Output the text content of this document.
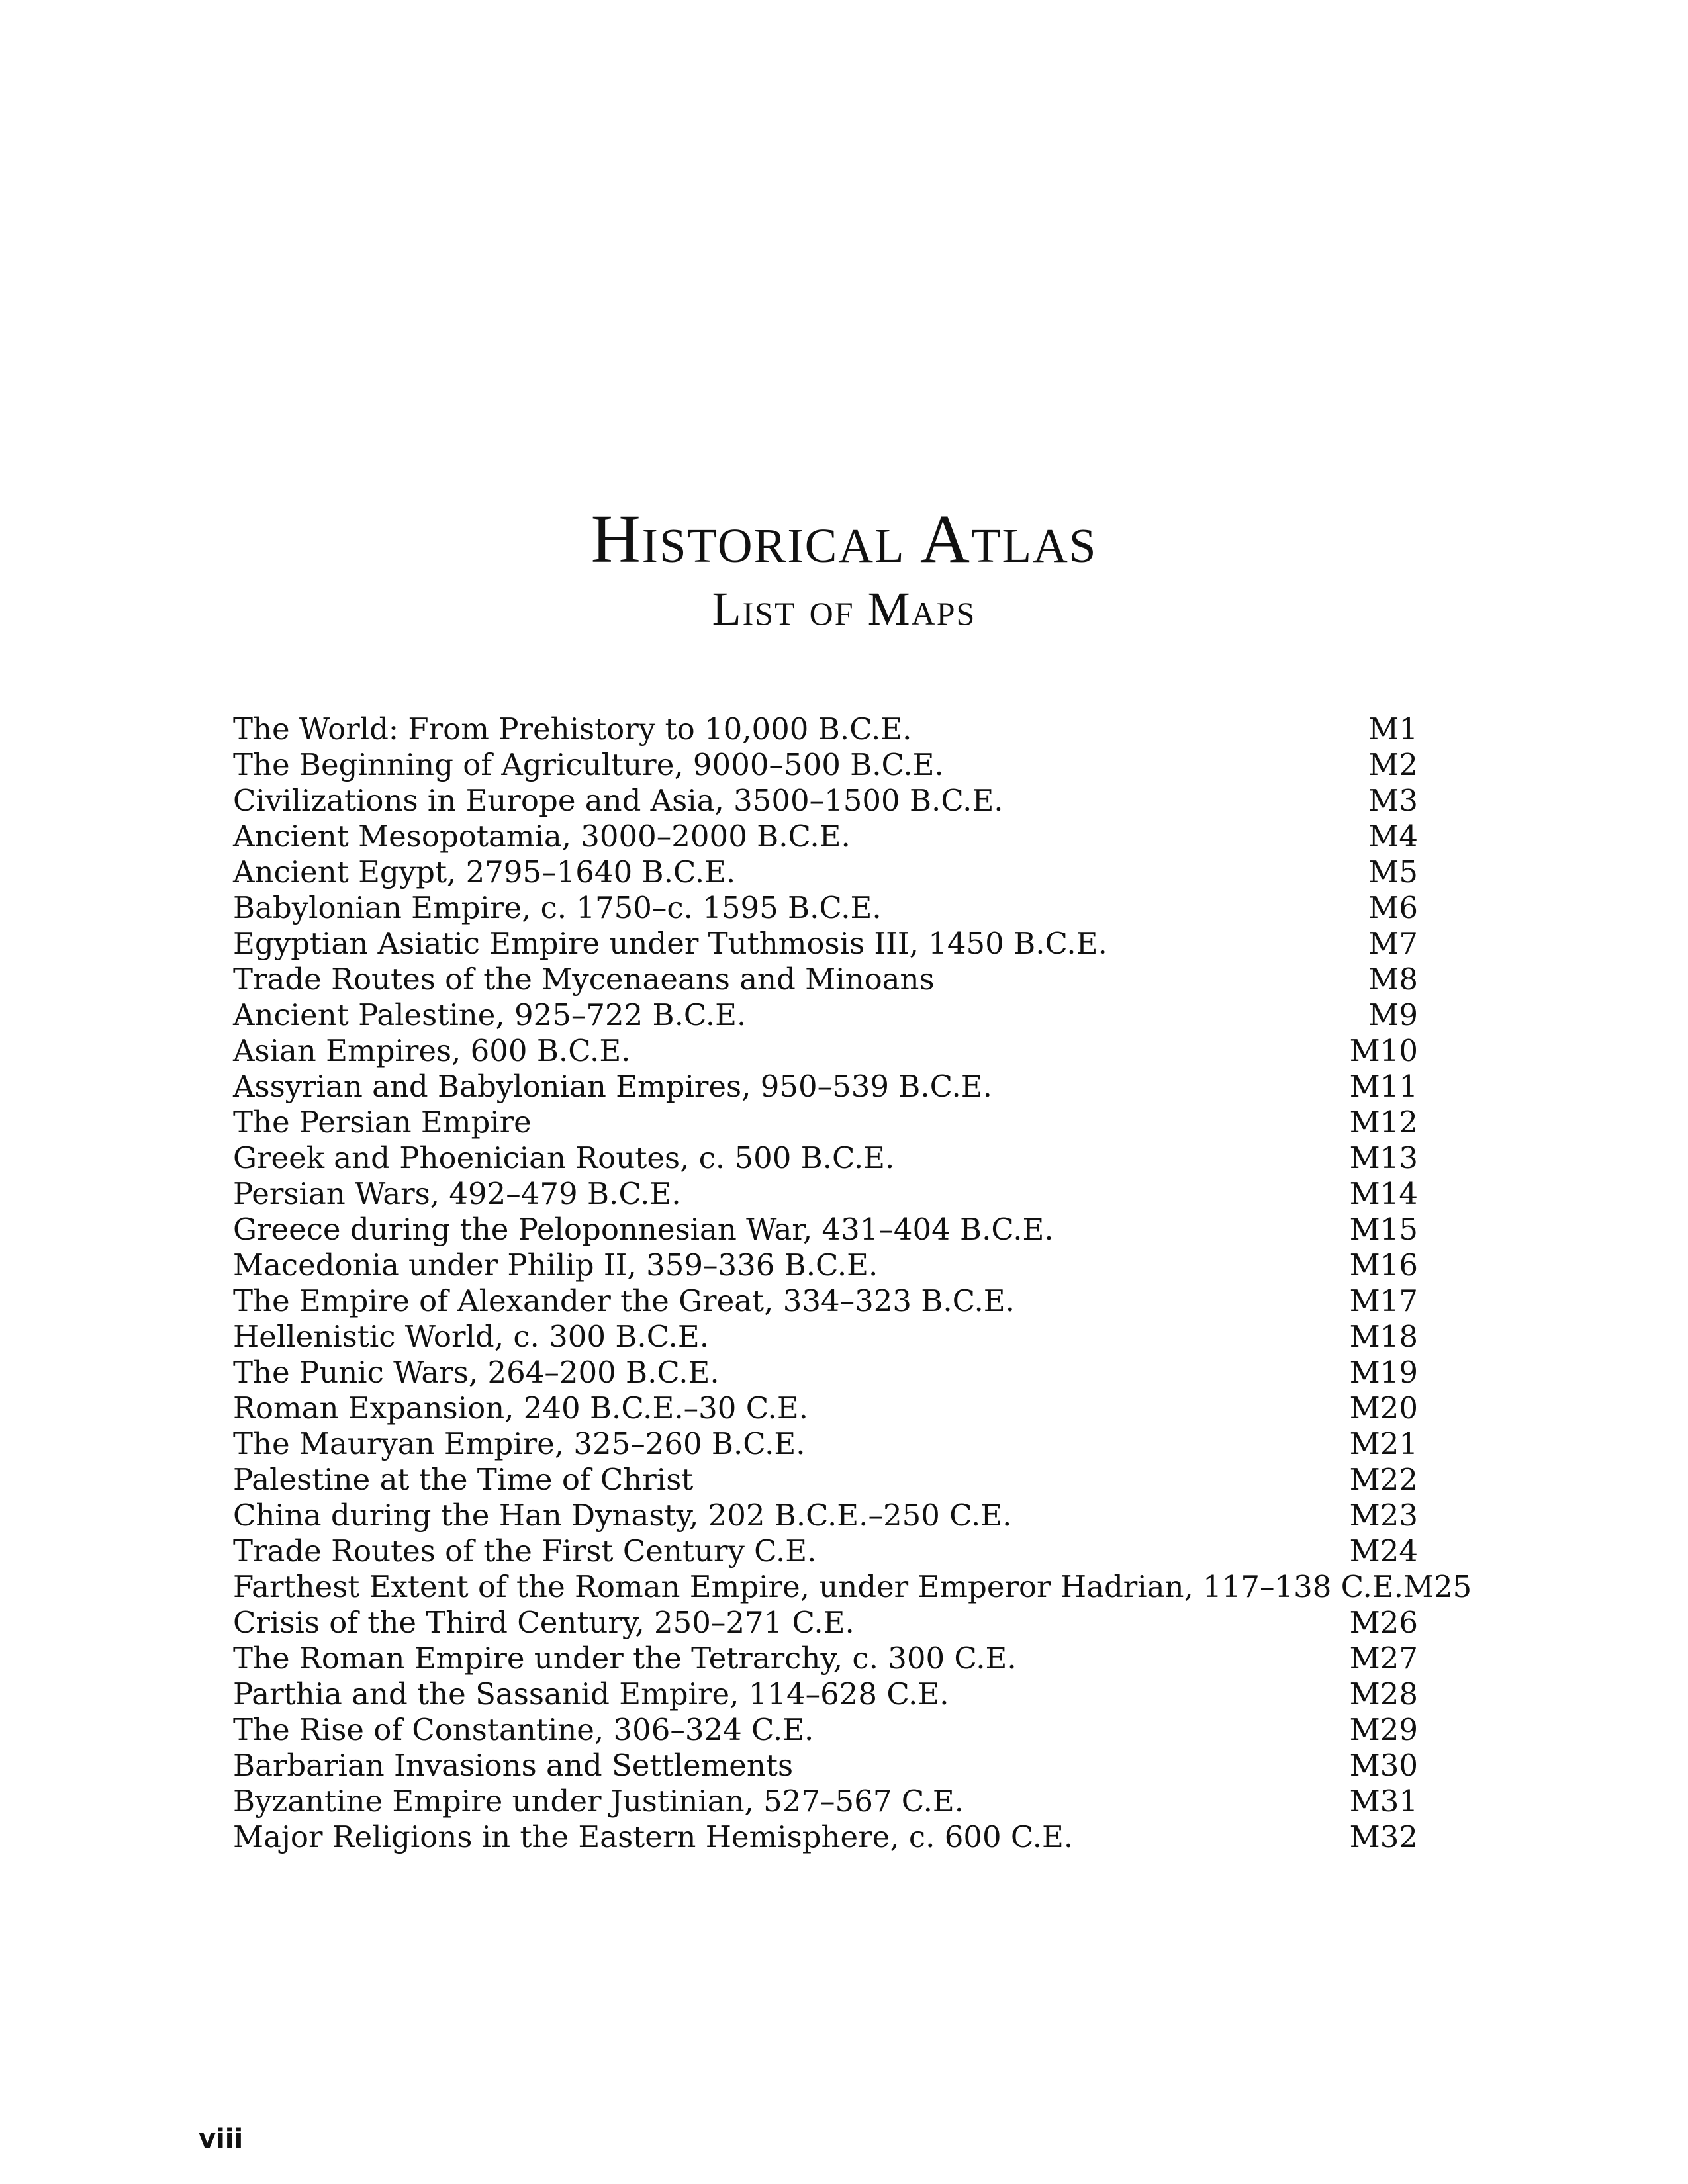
Historical Atlas
List of Maps
The World: From Prehistory to 10,000 B.C.E.	M1
The Beginning of Agriculture, 9000–500 B.C.E.	M2
Civilizations in Europe and Asia, 3500–1500 B.C.E.	M3
Ancient Mesopotamia, 3000–2000 B.C.E.	M4
Ancient Egypt, 2795–1640 B.C.E.	M5
Babylonian Empire, c. 1750–c. 1595 B.C.E.	M6
Egyptian Asiatic Empire under Tuthmosis III, 1450 B.C.E.	M7
Trade Routes of the Mycenaeans and Minoans	M8
Ancient Palestine, 925–722 B.C.E.	M9
Asian Empires, 600 B.C.E.	M10
Assyrian and Babylonian Empires, 950–539 B.C.E.	M11
The Persian Empire	M12
Greek and Phoenician Routes, c. 500 B.C.E.	M13
Persian Wars, 492–479 B.C.E.	M14
Greece during the Peloponnesian War, 431–404 B.C.E.	M15
Macedonia under Philip II, 359–336 B.C.E.	M16
The Empire of Alexander the Great, 334–323 B.C.E.	M17
Hellenistic World, c. 300 B.C.E.	M18
The Punic Wars, 264–200 B.C.E.	M19
Roman Expansion, 240 B.C.E.–30 C.E.	M20
The Mauryan Empire, 325–260 B.C.E.	M21
Palestine at the Time of Christ	M22
China during the Han Dynasty, 202 B.C.E.–250 C.E.	M23
Trade Routes of the First Century C.E.	M24
Farthest Extent of the Roman Empire, under Emperor Hadrian, 117–138 C.E. M25
Crisis of the Third Century, 250–271 C.E.	M26
The Roman Empire under the Tetrarchy, c. 300 C.E.	M27
Parthia and the Sassanid Empire, 114–628 C.E.	M28
The Rise of Constantine, 306–324 C.E.	M29
Barbarian Invasions and Settlements	M30
Byzantine Empire under Justinian, 527–567 C.E.	M31
Major Religions in the Eastern Hemisphere, c. 600 C.E.	M32
viii
